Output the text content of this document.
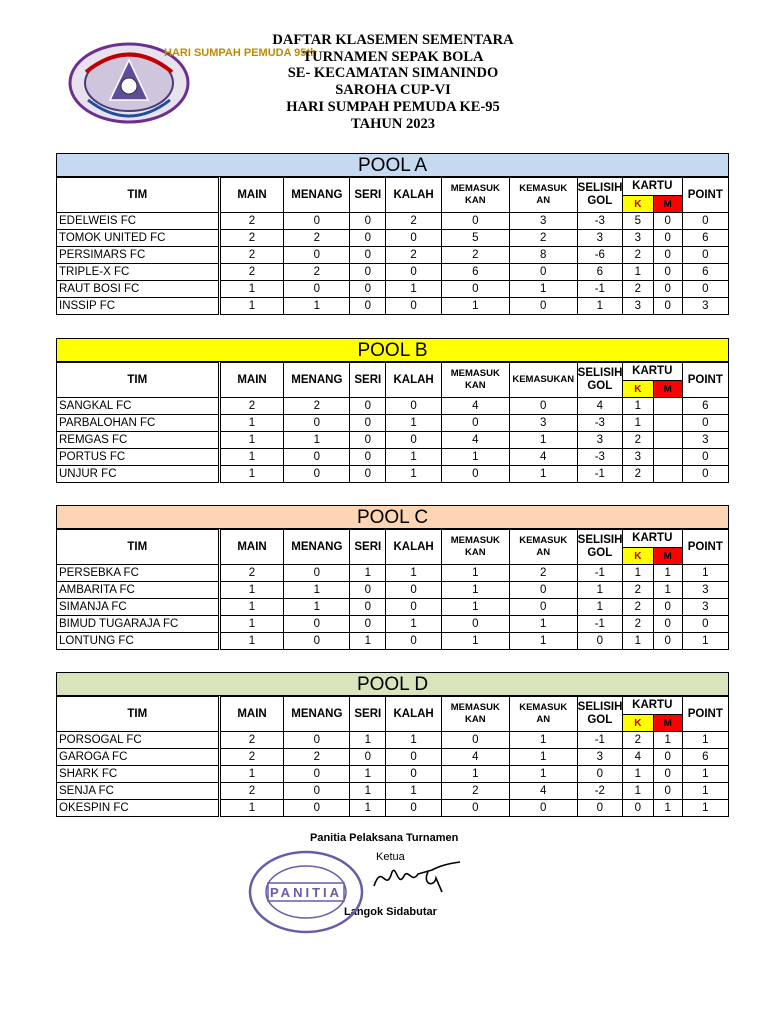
HARI SUMPAH PEMUDA 95th
DAFTAR KLASEMEN SEMENTARA
TURNAMEN SEPAK BOLA
SE- KECAMATAN SIMANINDO
SAROHA CUP-VI
HARI SUMPAH PEMUDA KE-95
TAHUN 2023
POOL A
TIM	MAIN	MENANG	SERI	KALAH	MEMASUK
KAN	KEMASUK
AN	SELISIH
GOL	KARTU		POINT
								K	M	
EDELWEIS FC	2	0	0	2	0	3	-3	5	0	0
TOMOK UNITED FC	2	2	0	0	5	2	3	3	0	6
PERSIMARS FC	2	0	0	2	2	8	-6	2	0	0
TRIPLE-X FC	2	2	0	0	6	0	6	1	0	6
RAUT BOSI FC	1	0	0	1	0	1	-1	2	0	0
INSSIP FC	1	1	0	0	1	0	1	3	0	3
POOL B
TIM	MAIN	MENANG	SERI	KALAH	MEMASUK
KAN	KEMASUKAN	SELISIH
GOL	KARTU		POINT
								K	M	
SANGKAL FC	2	2	0	0	4	0	4	1		6
PARBALOHAN FC	1	0	0	1	0	3	-3	1		0
REMGAS FC	1	1	0	0	4	1	3	2		3
PORTUS FC	1	0	0	1	1	4	-3	3		0
UNJUR FC	1	0	0	1	0	1	-1	2		0
POOL C
TIM	MAIN	MENANG	SERI	KALAH	MEMASUK
KAN	KEMASUK
AN	SELISIH
GOL	KARTU		POINT
								K	M	
PERSEBKA FC	2	0	1	1	1	2	-1	1	1	1
AMBARITA FC	1	1	0	0	1	0	1	2	1	3
SIMANJA FC	1	1	0	0	1	0	1	2	0	3
BIMUD TUGARAJA FC	1	0	0	1	0	1	-1	2	0	0
LONTUNG FC	1	0	1	0	1	1	0	1	0	1
POOL D
TIM	MAIN	MENANG	SERI	KALAH	MEMASUK
KAN	KEMASUK
AN	SELISIH
GOL	KARTU		POINT
								K	M	
PORSOGAL FC	2	0	1	1	0	1	-1	2	1	1
GAROGA FC	2	2	0	0	4	1	3	4	0	6
SHARK FC	1	0	1	0	1	1	0	1	0	1
SENJA FC	2	0	1	1	2	4	-2	1	0	1
OKESPIN FC	1	0	1	0	0	0	0	0	1	1
Panitia Pelaksana Turnamen
Ketua
Langok Sidabutar
PANITIA
